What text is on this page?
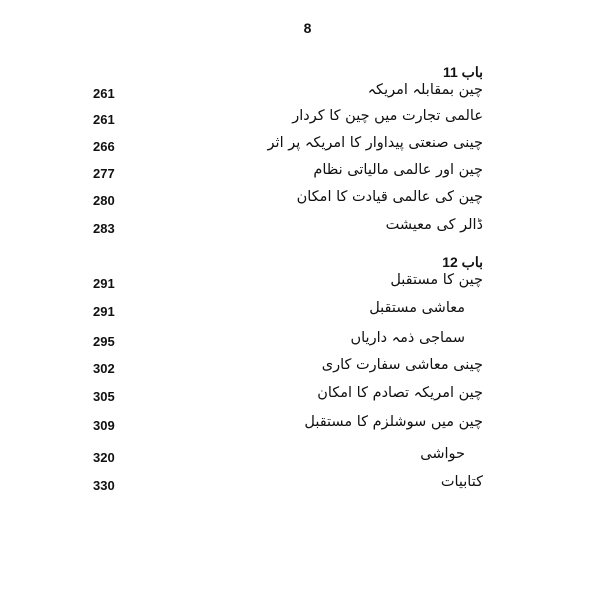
8
باب 11
261	چین بمقابلہ امریکہ
261	عالمی تجارت میں چین کا کردار
266	چینی صنعتی پیداوار کا امریکہ پر اثر
277	چین اور عالمی مالیاتی نظام
280	چین کی عالمی قیادت کا امکان
283	ڈالر کی معیشت
باب 12
291	چین کا مستقبل
291	معاشی مستقبل
295	سماجی ذمہ داریاں
302	چینی معاشی سفارت کاری
305	چین امریکہ تصادم کا امکان
309	چین میں سوشلزم کا مستقبل
320	حواشی
330	کتابیات
